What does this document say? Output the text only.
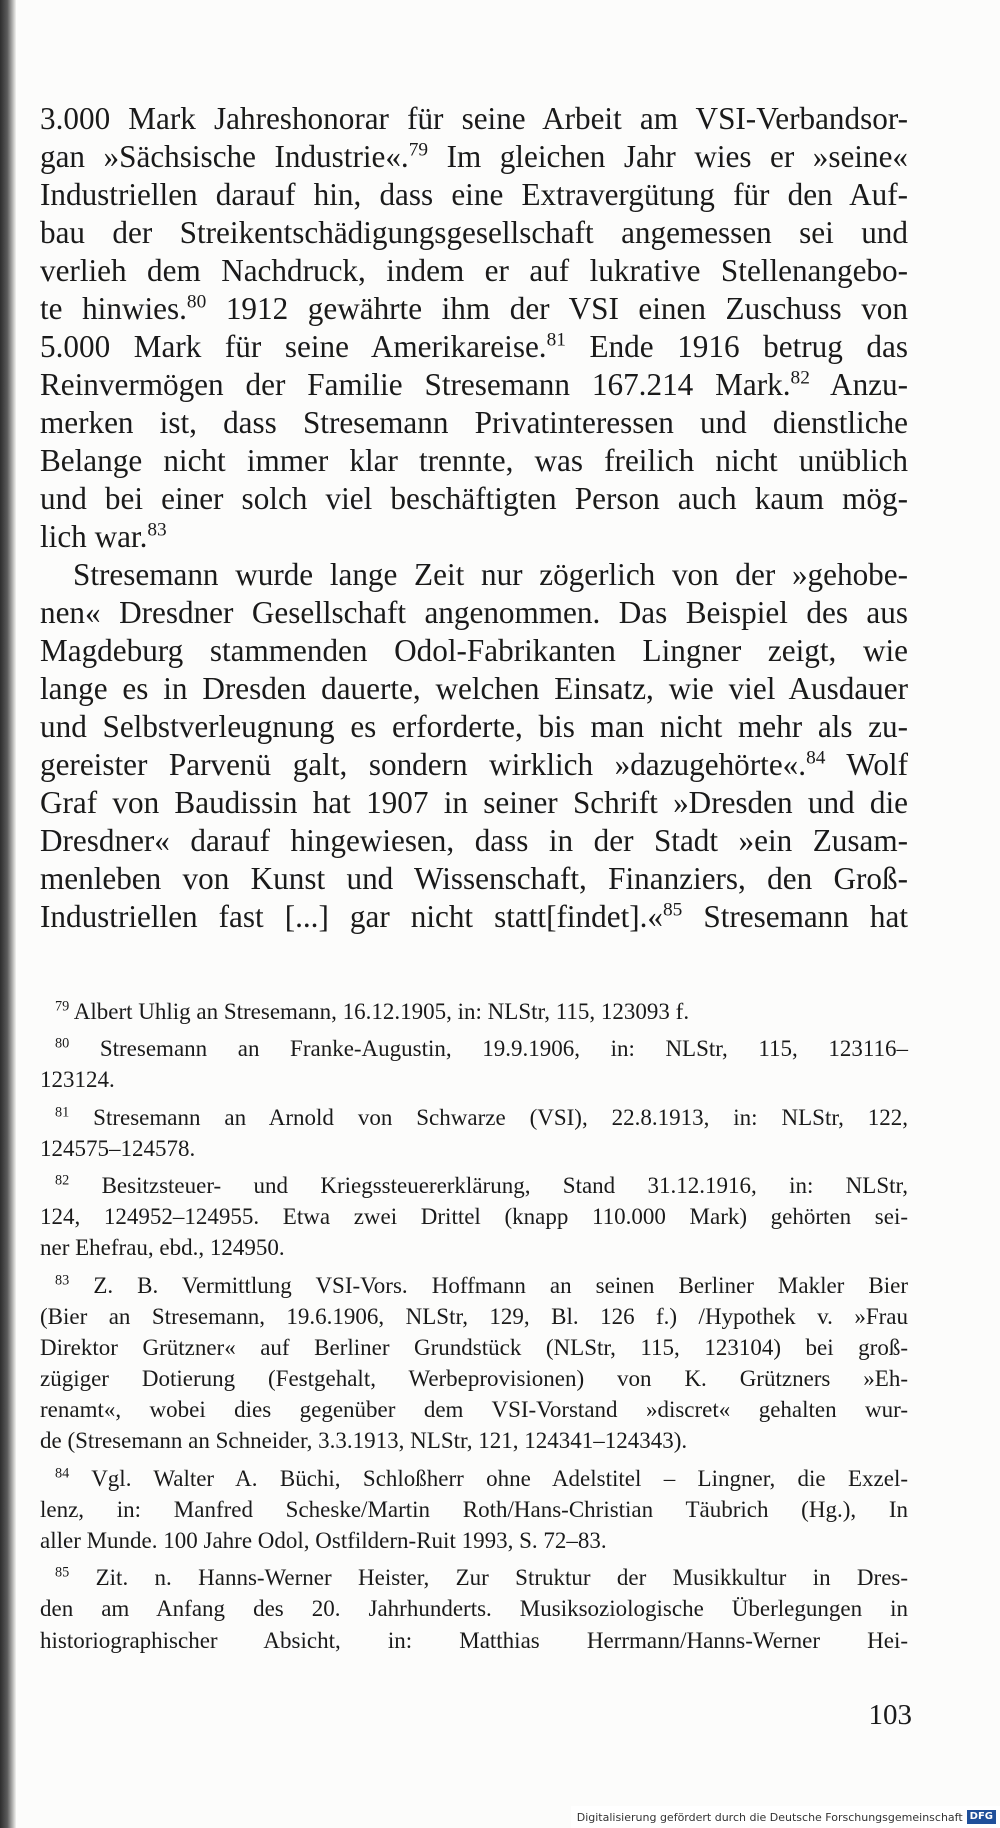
3.000 Mark Jahreshonorar für seine Arbeit am VSI-Verbandsor-
gan »Sächsische Industrie«.$^{79}$ Im gleichen Jahr wies er »seine«
Industriellen darauf hin, dass eine Extravergütung für den Auf-
bau der Streikentschädigungsgesellschaft angemessen sei und
verlieh dem Nachdruck, indem er auf lukrative Stellenangebo-
te hinwies.$^{80}$ 1912 gewährte ihm der VSI einen Zuschuss von
5.000 Mark für seine Amerikareise.$^{81}$ Ende 1916 betrug das
Reinvermögen der Familie Stresemann 167.214 Mark.$^{82}$ Anzu-
merken ist, dass Stresemann Privatinteressen und dienstliche
Belange nicht immer klar trennte, was freilich nicht unüblich
und bei einer solch viel beschäftigten Person auch kaum mög-
lich war.$^{83}$
Stresemann wurde lange Zeit nur zögerlich von der »gehobe-
nen« Dresdner Gesellschaft angenommen. Das Beispiel des aus
Magdeburg stammenden Odol-Fabrikanten Lingner zeigt, wie
lange es in Dresden dauerte, welchen Einsatz, wie viel Ausdauer
und Selbstverleugnung es erforderte, bis man nicht mehr als zu-
gereister Parvenü galt, sondern wirklich »dazugehörte«.$^{84}$ Wolf
Graf von Baudissin hat 1907 in seiner Schrift »Dresden und die
Dresdner« darauf hingewiesen, dass in der Stadt »ein Zusam-
menleben von Kunst und Wissenschaft, Finanziers, den Groß-
Industriellen fast [...] gar nicht statt[findet].«$^{85}$ Stresemann hat
$^{79}$ Albert Uhlig an Stresemann, 16.12.1905, in: NLStr, 115, 123093 f.
$^{80}$ Stresemann an Franke-Augustin, 19.9.1906, in: NLStr, 115, 123116–
123124.
$^{81}$ Stresemann an Arnold von Schwarze (VSI), 22.8.1913, in: NLStr, 122,
124575–124578.
$^{82}$ Besitzsteuer- und Kriegssteuererklärung, Stand 31.12.1916, in: NLStr,
124, 124952–124955. Etwa zwei Drittel (knapp 110.000 Mark) gehörten sei-
ner Ehefrau, ebd., 124950.
$^{83}$ Z. B. Vermittlung VSI-Vors. Hoffmann an seinen Berliner Makler Bier
(Bier an Stresemann, 19.6.1906, NLStr, 129, Bl. 126 f.) /Hypothek v. »Frau
Direktor Grützner« auf Berliner Grundstück (NLStr, 115, 123104) bei groß-
zügiger Dotierung (Festgehalt, Werbeprovisionen) von K. Grützners »Eh-
renamt«, wobei dies gegenüber dem VSI-Vorstand »discret« gehalten wur-
de (Stresemann an Schneider, 3.3.1913, NLStr, 121, 124341–124343).
$^{84}$ Vgl. Walter A. Büchi, Schloßherr ohne Adelstitel – Lingner, die Exzel-
lenz, in: Manfred Scheske/Martin Roth/Hans-Christian Täubrich (Hg.), In
aller Munde. 100 Jahre Odol, Ostfildern-Ruit 1993, S. 72–83.
$^{85}$ Zit. n. Hanns-Werner Heister, Zur Struktur der Musikkultur in Dres-
den am Anfang des 20. Jahrhunderts. Musiksoziologische Überlegungen in
historiographischer Absicht, in: Matthias Herrmann/Hanns-Werner Hei-
103
Digitalisierung gefördert durch die Deutsche Forschungsgemeinschaft DFG
